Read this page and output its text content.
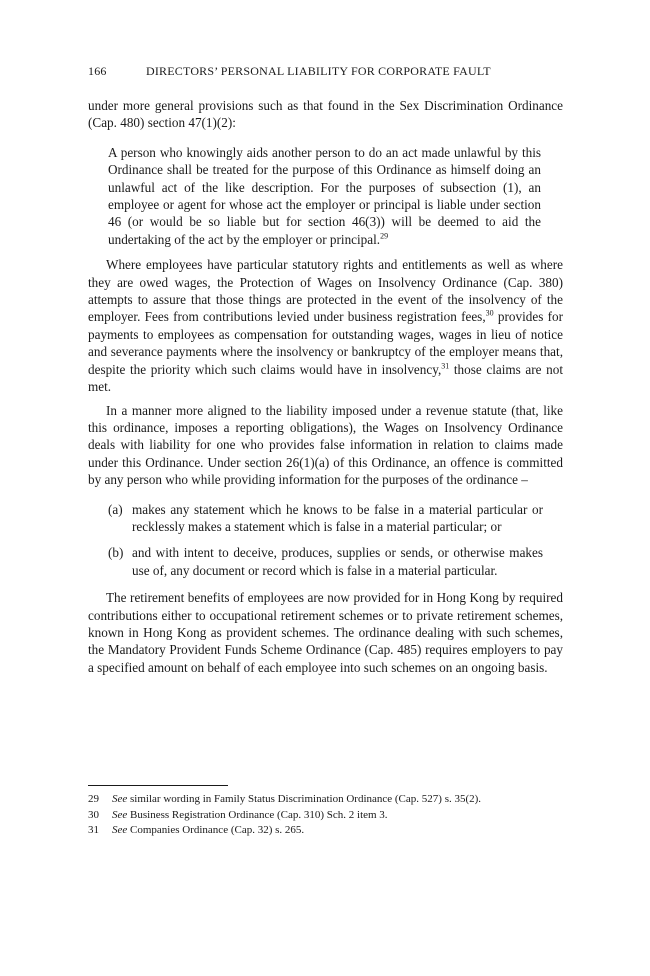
166	DIRECTORS’ PERSONAL LIABILITY FOR CORPORATE FAULT

under more general provisions such as that found in the Sex Discrimination Ordinance (Cap. 480) section 47(1)(2):

A person who knowingly aids another person to do an act made unlawful by this Ordinance shall be treated for the purpose of this Ordinance as himself doing an unlawful act of the like description. For the purposes of subsection (1), an employee or agent for whose act the employer or principal is liable under section 46 (or would be so liable but for section 46(3)) will be deemed to aid the undertaking of the act by the employer or principal.$^{29}$

Where employees have particular statutory rights and entitlements as well as where they are owed wages, the Protection of Wages on Insolvency Ordinance (Cap. 380) attempts to assure that those things are protected in the event of the insolvency of the employer. Fees from contributions levied under business registration fees,$^{30}$ provides for payments to employees as compensation for outstanding wages, wages in lieu of notice and severance payments where the insolvency or bankruptcy of the employer means that, despite the priority which such claims would have in insolvency,$^{31}$ those claims are not met.

In a manner more aligned to the liability imposed under a revenue statute (that, like this ordinance, imposes a reporting obligations), the Wages on Insolvency Ordinance deals with liability for one who provides false information in relation to claims made under this Ordinance. Under section 26(1)(a) of this Ordinance, an offence is committed by any person who while providing information for the purposes of the ordinance –

(a) makes any statement which he knows to be false in a material particular or recklessly makes a statement which is false in a material particular; or
(b) and with intent to deceive, produces, supplies or sends, or otherwise makes use of, any document or record which is false in a material particular.

The retirement benefits of employees are now provided for in Hong Kong by required contributions either to occupational retirement schemes or to private retirement schemes, known in Hong Kong as provident schemes. The ordinance dealing with such schemes, the Mandatory Provident Funds Scheme Ordinance (Cap. 485) requires employers to pay a specified amount on behalf of each employee into such schemes on an ongoing basis.

29 See similar wording in Family Status Discrimination Ordinance (Cap. 527) s. 35(2).
30 See Business Registration Ordinance (Cap. 310) Sch. 2 item 3.
31 See Companies Ordinance (Cap. 32) s. 265.
